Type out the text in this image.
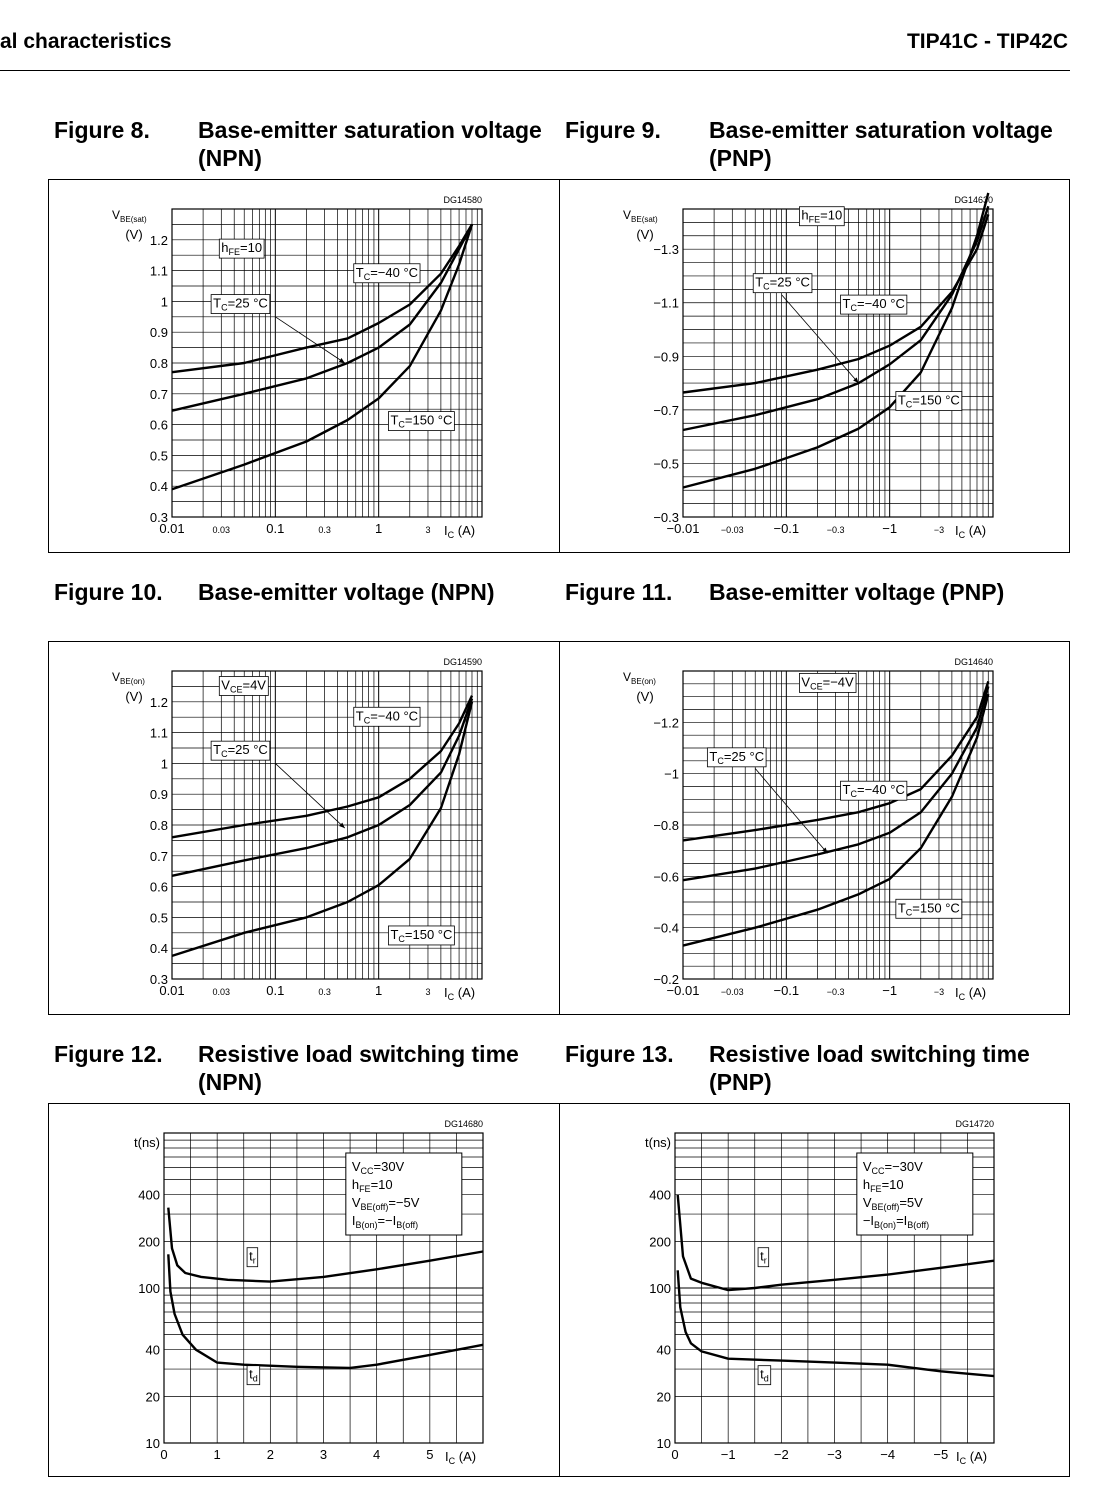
al characteristics	TIP41C - TIP42C
Figure 8. Base-emitter saturation voltage (NPN)
Figure 9. Base-emitter saturation voltage (PNP)
Figure 10. Base-emitter voltage (NPN)	Figure 11. Base-emitter voltage (PNP)
Figure 12. Resistive load switching time (NPN)
Figure 13. Resistive load switching time (PNP)
DG14580
0.01	0.03	0.1	0.3	1	3
0.3
0.4
0.5
0.6
0.7
0.8
0.9
1
1.1
1.2
$I_C$ (A)
$V_{BE(sat)}$
(V)
$h_{FE}=10$
$T_C=-40$ °C
$T_C=25$ °C
$T_C=150$ °C
DG14630
−0.01 −0.03 −0.1	−0.3	−1	−3
−0.3
−0.5
−0.7
−0.9
−1.1
−1.3
$I_C$ (A)
$V_{BE(sat)}$
(V)
$h_{FE}=10$
$T_C=25$ °C
$T_C=-40$ °C
$T_C=150$ °C
DG14590
0.01	0.03	0.1	0.3	1	3
0.3
0.4
0.5
0.6
0.7
0.8
0.9
1
1.1
1.2
$I_C$ (A)
$V_{BE(on)}$
(V)
$V_{CE}=4V$
$T_C=-40$ °C
$T_C=25$ °C
$T_C=150$ °C
DG14640
−0.01 −0.03 −0.1	−0.3	−1	−3
−0.2
−0.4
−0.6
−0.8
−1
−1.2
$I_C$ (A)
$V_{BE(on)}$
(V)
$V_{CE}=-4V$
$T_C=25$ °C
$T_C=-40$ °C
$T_C=150$ °C
DG14680
0	1	2	3	4	5
10
20
40
100
200
400
$I_C$ (A)
t(ns)
$V_{CC}=30V$
$h_{FE}=10$
$V_{BE(off)}=-5V$
$I_{B(on)}=-I_{B(off)}$
$t_r$
$t_d$
DG14720
0	−1	−2	−3	−4	−5
10
20
40
100
200
400
$I_C$ (A)
t(ns)
$V_{CC}=-30V$
$h_{FE}=10$
$V_{BE(off)}=5V$
$-I_{B(on)}=I_{B(off)}$
$t_r$
$t_d$
